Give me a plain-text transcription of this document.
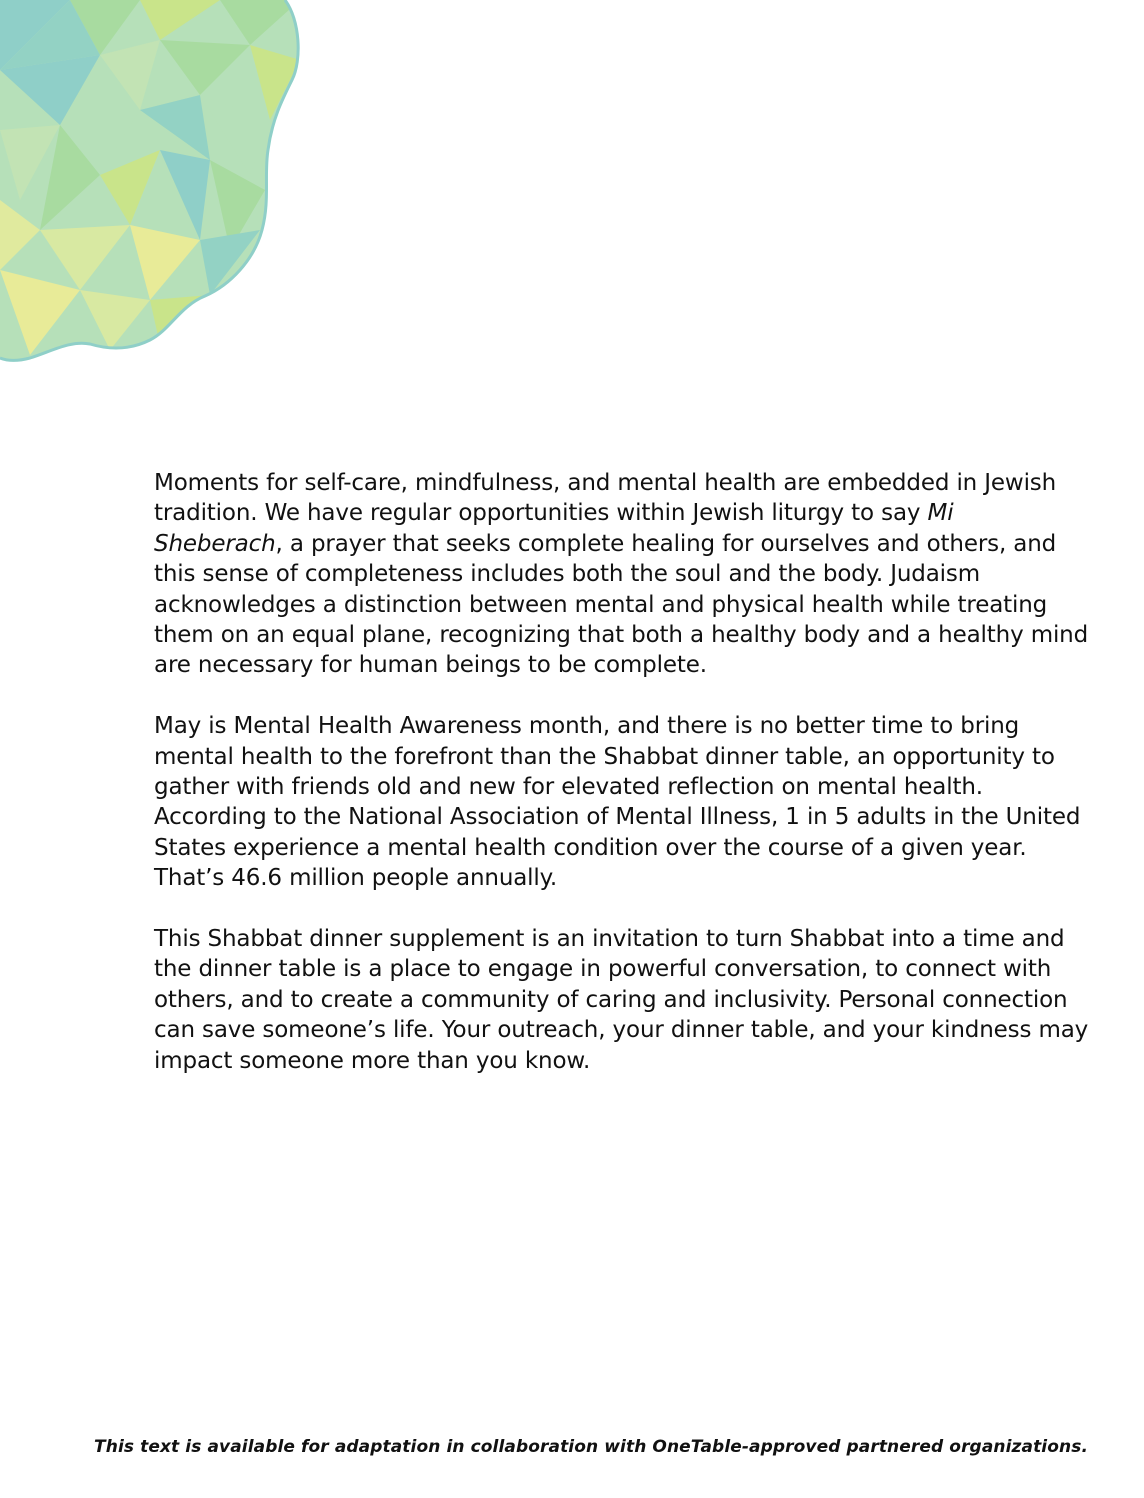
Moments for self-care, mindfulness, and mental health are embedded in Jewish tradition. We have regular opportunities within Jewish liturgy to say Mi Sheberach, a prayer that seeks complete healing for ourselves and others, and this sense of completeness includes both the soul and the body. Judaism acknowledges a distinction between mental and physical health while treating them on an equal plane, recognizing that both a healthy body and a healthy mind are necessary for human beings to be complete.

May is Mental Health Awareness month, and there is no better time to bring mental health to the forefront than the Shabbat dinner table, an opportunity to gather with friends old and new for elevated reflection on mental health. According to the National Association of Mental Illness, 1 in 5 adults in the United States experience a mental health condition over the course of a given year. That’s 46.6 million people annually.

This Shabbat dinner supplement is an invitation to turn Shabbat into a time and the dinner table is a place to engage in powerful conversation, to connect with others, and to create a community of caring and inclusivity. Personal connection can save someone’s life. Your outreach, your dinner table, and your kindness may impact someone more than you know.

This text is available for adaptation in collaboration with OneTable-approved partnered organizations.
